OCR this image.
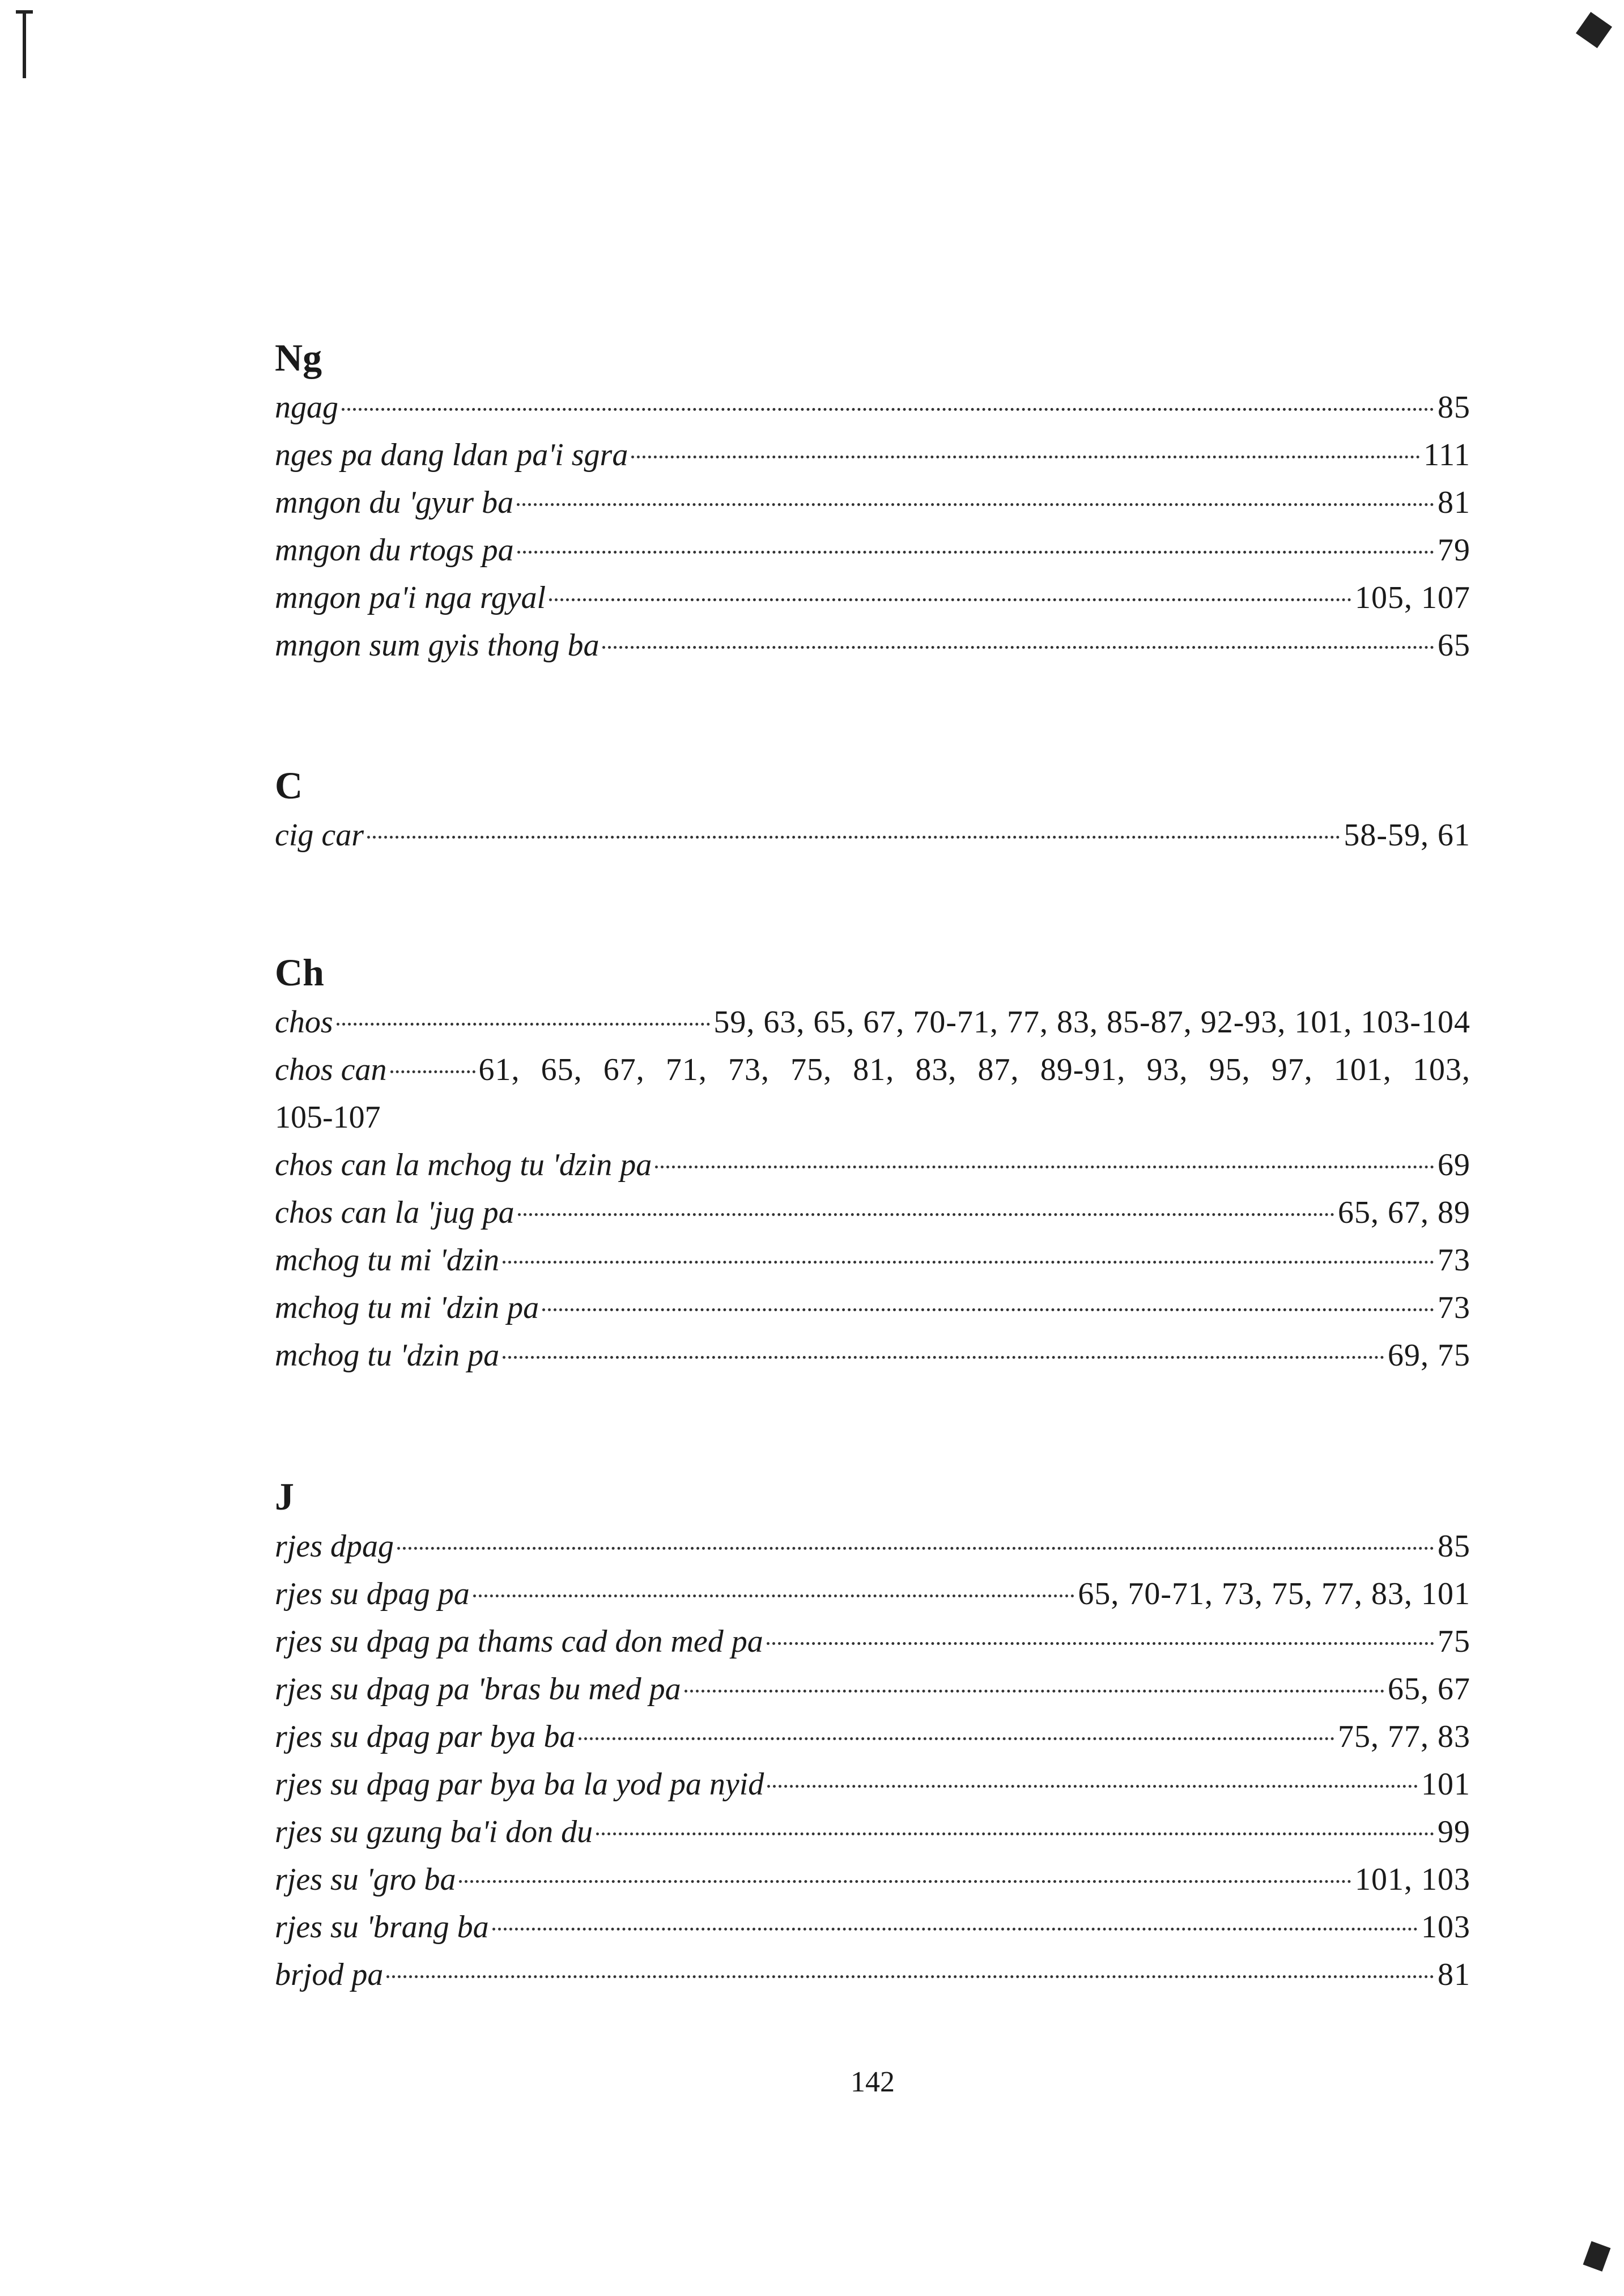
Ng
ngag	85
nges pa dang ldan pa'i sgra	111
mngon du 'gyur ba	81
mngon du rtogs pa	79
mngon pa'i nga rgyal	105, 107
mngon sum gyis thong ba	65
C
cig car	58-59, 61
Ch
chos	59, 63, 65, 67, 70-71, 77, 83, 85-87, 92-93, 101, 103-104
chos can	61, 65, 67, 71, 73, 75, 81, 83, 87, 89-91, 93, 95, 97, 101, 103,
105-107
chos can la mchog tu 'dzin pa	69
chos can la 'jug pa	65, 67, 89
mchog tu mi 'dzin	73
mchog tu mi 'dzin pa	73
mchog tu 'dzin pa	69, 75
J
rjes dpag	85
rjes su dpag pa	65, 70-71, 73, 75, 77, 83, 101
rjes su dpag pa thams cad don med pa	75
rjes su dpag pa 'bras bu med pa	65, 67
rjes su dpag par bya ba	75, 77, 83
rjes su dpag par bya ba la yod pa nyid	101
rjes su gzung ba'i don du	99
rjes su 'gro ba	101, 103
rjes su 'brang ba	103
brjod pa	81
142
